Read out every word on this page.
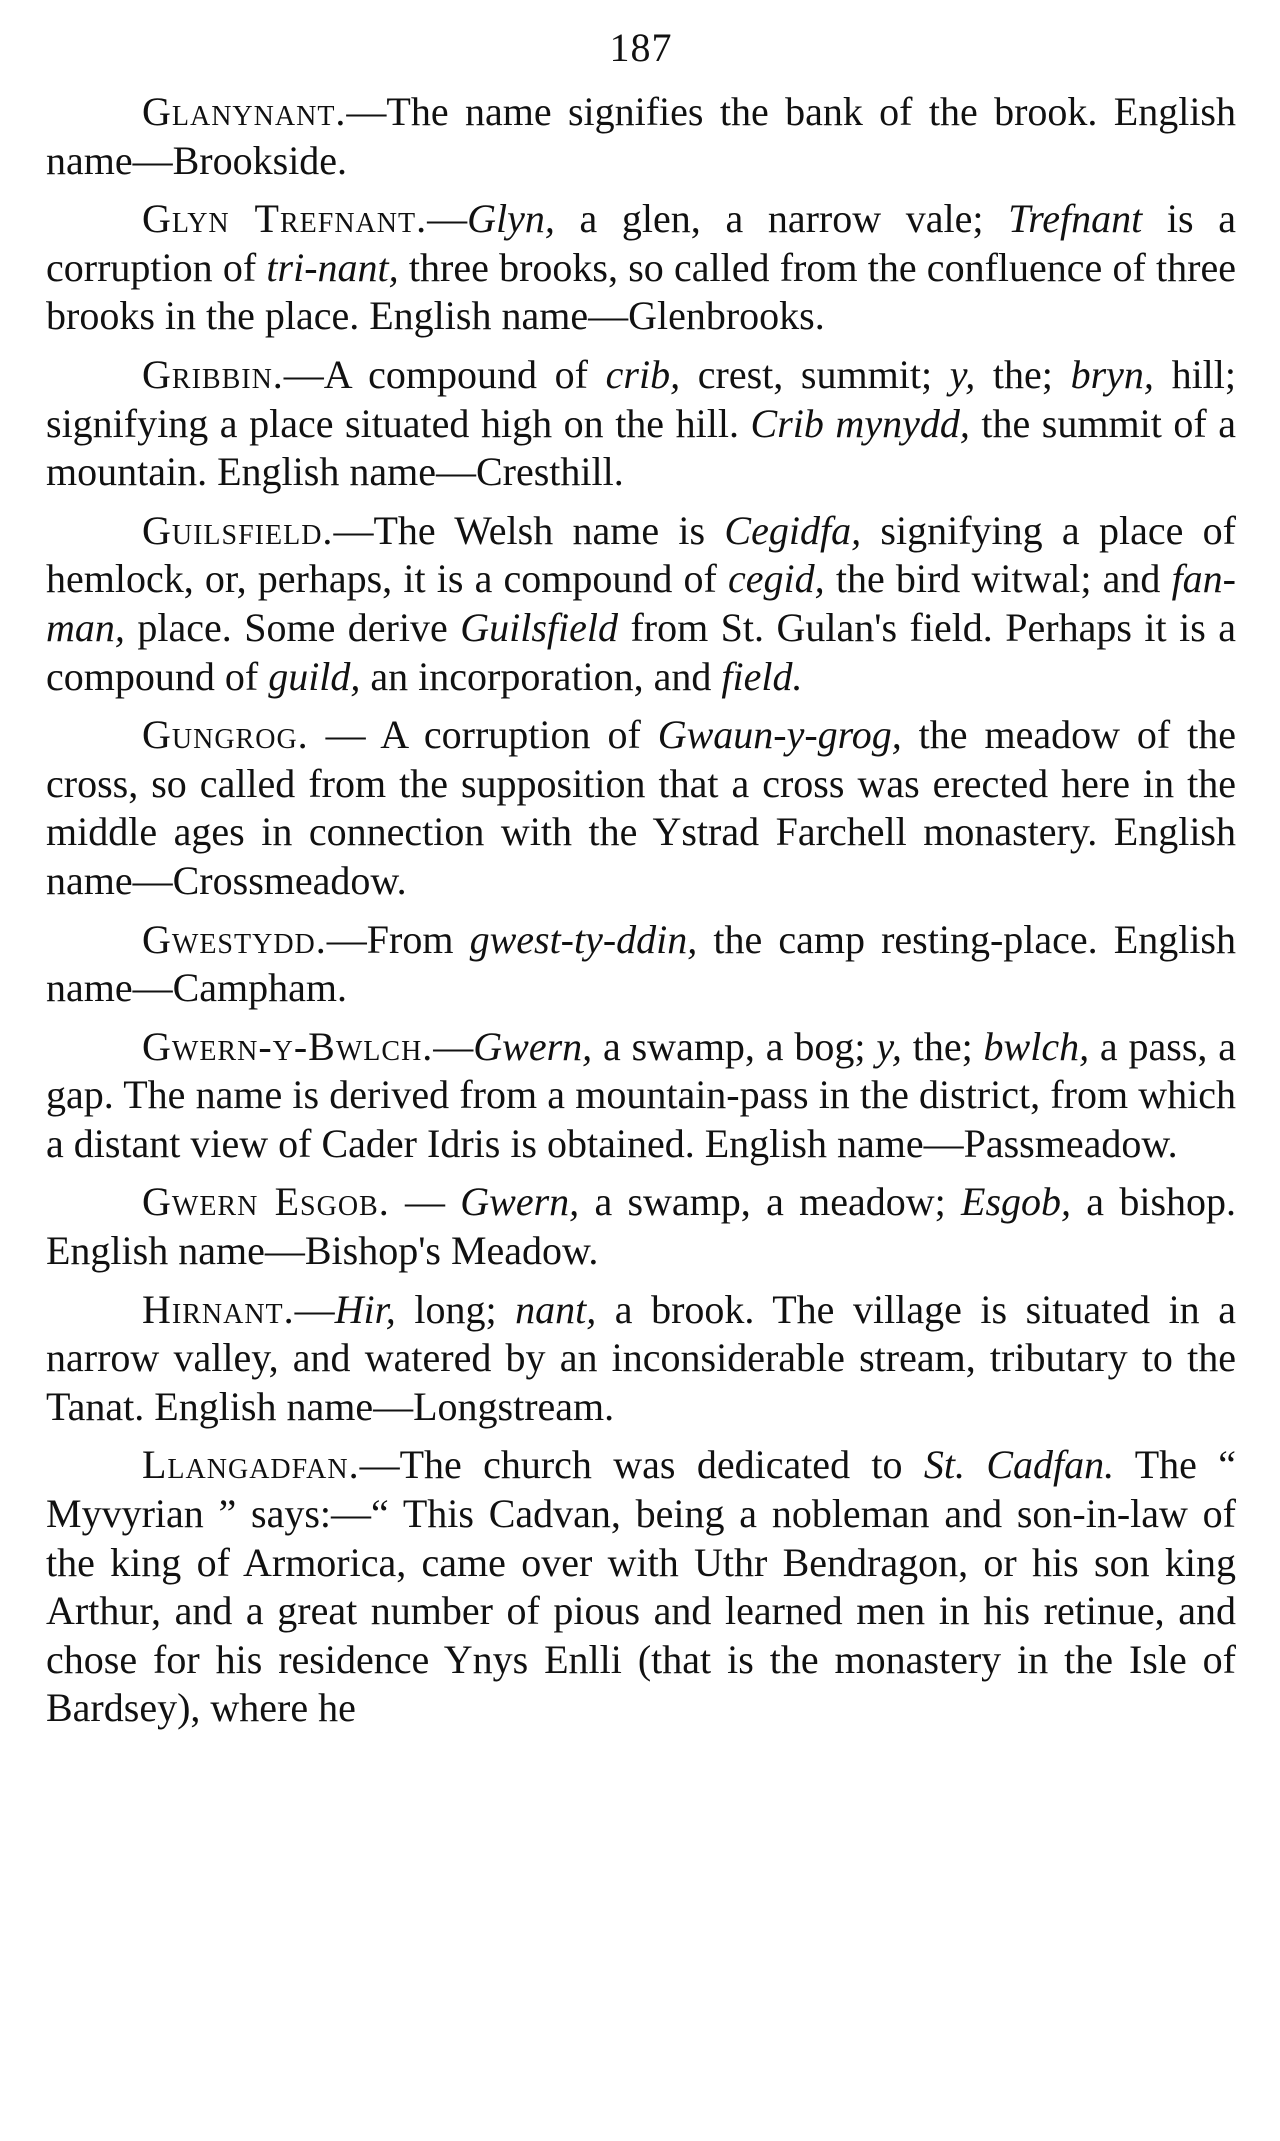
187

Glanynant.—The name signifies the bank of the brook. English name—Brookside.

Glyn Trefnant.—Glyn, a glen, a narrow vale; Trefnant is a corruption of tri-nant, three brooks, so called from the confluence of three brooks in the place. English name—Glenbrooks.

Gribbin.—A compound of crib, crest, summit; y, the; bryn, hill; signifying a place situated high on the hill. Crib mynydd, the summit of a mountain. English name—Cresthill.

Guilsfield.—The Welsh name is Cegidfa, signifying a place of hemlock, or, perhaps, it is a compound of cegid, the bird witwal; and fan-man, place. Some derive Guilsfield from St. Gulan's field. Perhaps it is a compound of guild, an incorporation, and field.

Gungrog. — A corruption of Gwaun-y-grog, the meadow of the cross, so called from the supposition that a cross was erected here in the middle ages in connection with the Ystrad Farchell monastery. English name—Crossmeadow.

Gwestydd.—From gwest-ty-ddin, the camp resting-place. English name—Campham.

Gwern-y-Bwlch.—Gwern, a swamp, a bog; y, the; bwlch, a pass, a gap. The name is derived from a mountain-pass in the district, from which a distant view of Cader Idris is obtained. English name—Passmeadow.

Gwern Esgob. — Gwern, a swamp, a meadow; Esgob, a bishop. English name—Bishop's Meadow.

Hirnant.—Hir, long; nant, a brook. The village is situated in a narrow valley, and watered by an inconsiderable stream, tributary to the Tanat. English name—Longstream.

Llangadfan.—The church was dedicated to St. Cadfan. The “ Myvyrian ” says:—“ This Cadvan, being a nobleman and son-in-law of the king of Armorica, came over with Uthr Bendragon, or his son king Arthur, and a great number of pious and learned men in his retinue, and chose for his residence Ynys Enlli (that is the monastery in the Isle of Bardsey), where he
